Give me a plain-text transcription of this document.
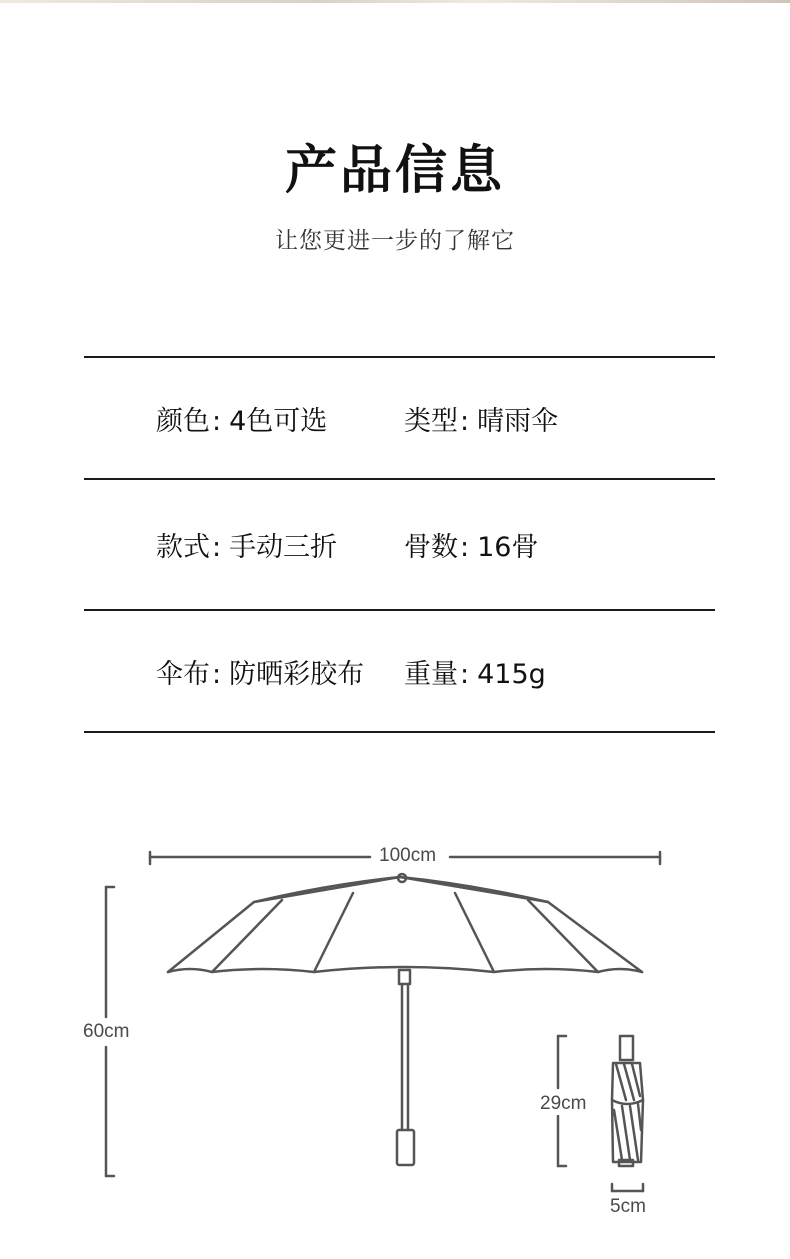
产品信息
让您更进一步的了解它
颜色: 4色可选	类型: 晴雨伞
款式: 手动三折	骨数: 16骨
伞布: 防晒彩胶布	重量: 415g
100cm
60cm
29cm
5cm
